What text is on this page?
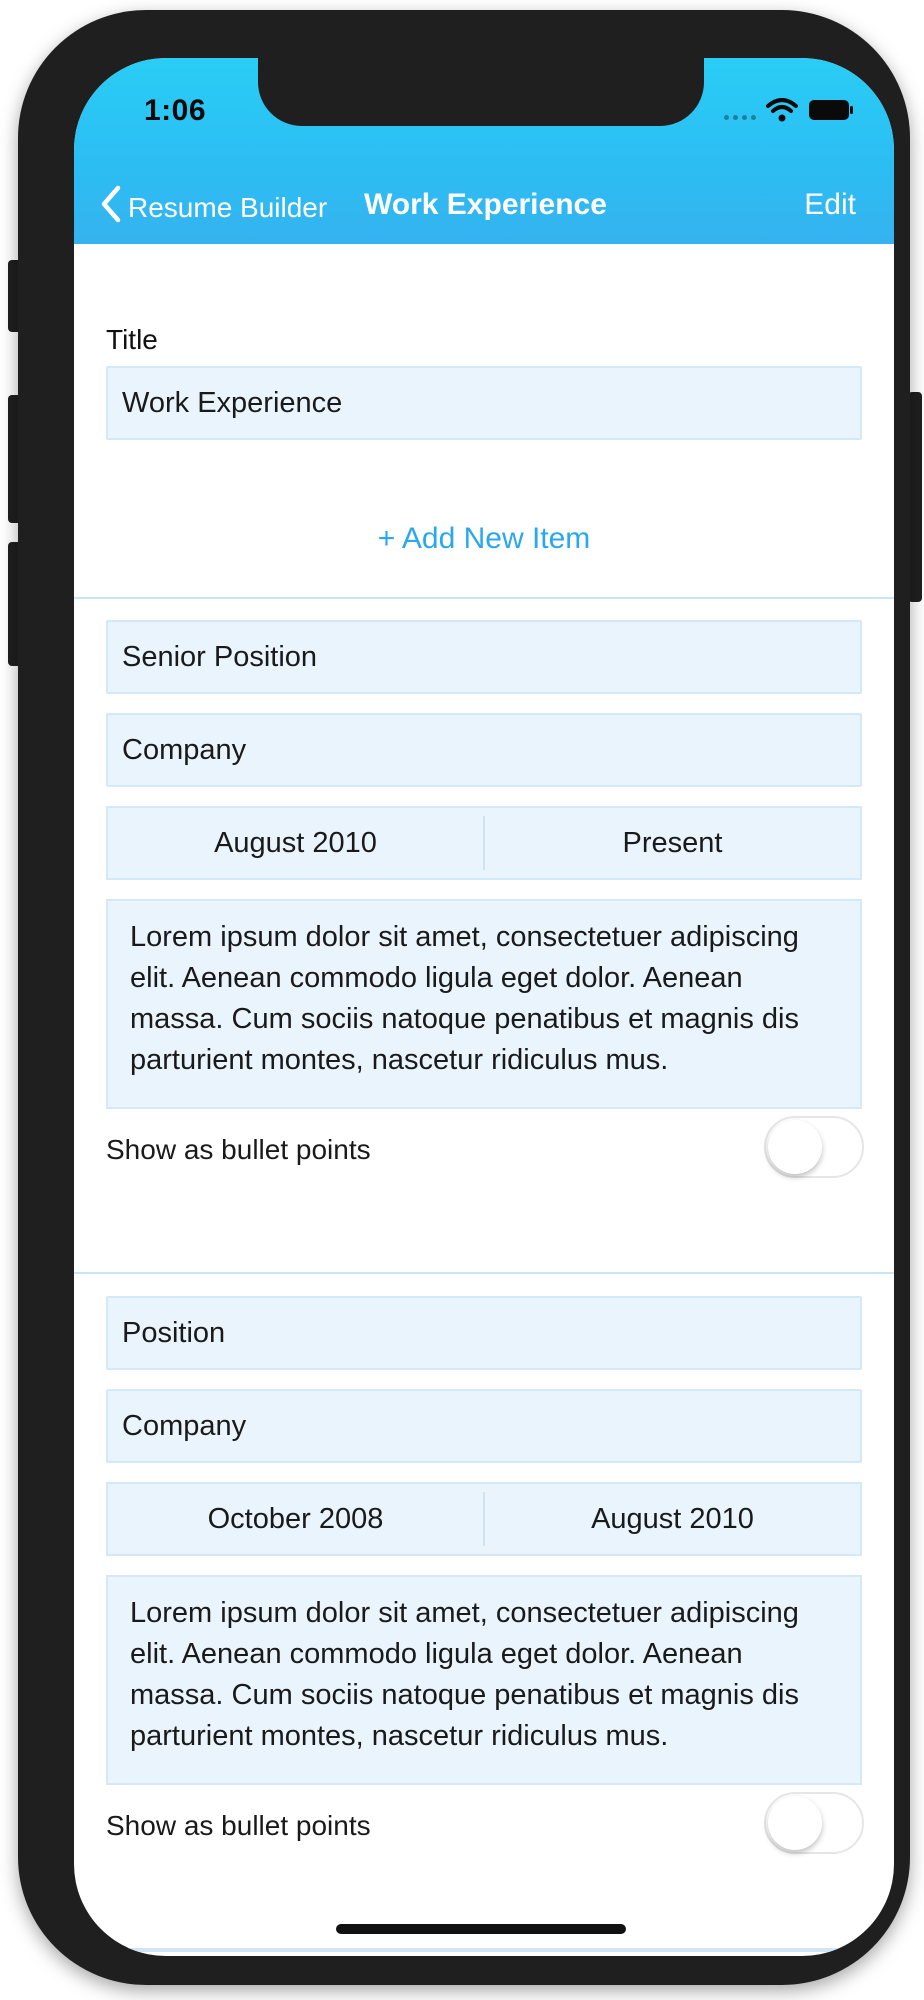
1:06
Resume Builder Work Experience	Edit
Title
Work Experience
+ Add New Item
Senior Position
Company
August 2010	Present
Lorem ipsum dolor sit amet, consectetuer adipiscing elit. Aenean commodo ligula eget dolor. Aenean massa. Cum sociis natoque penatibus et magnis dis parturient montes, nascetur ridiculus mus.
Show as bullet points
Position
Company
October 2008	August 2010
Lorem ipsum dolor sit amet, consectetuer adipiscing elit. Aenean commodo ligula eget dolor. Aenean massa. Cum sociis natoque penatibus et magnis dis parturient montes, nascetur ridiculus mus.
Show as bullet points
